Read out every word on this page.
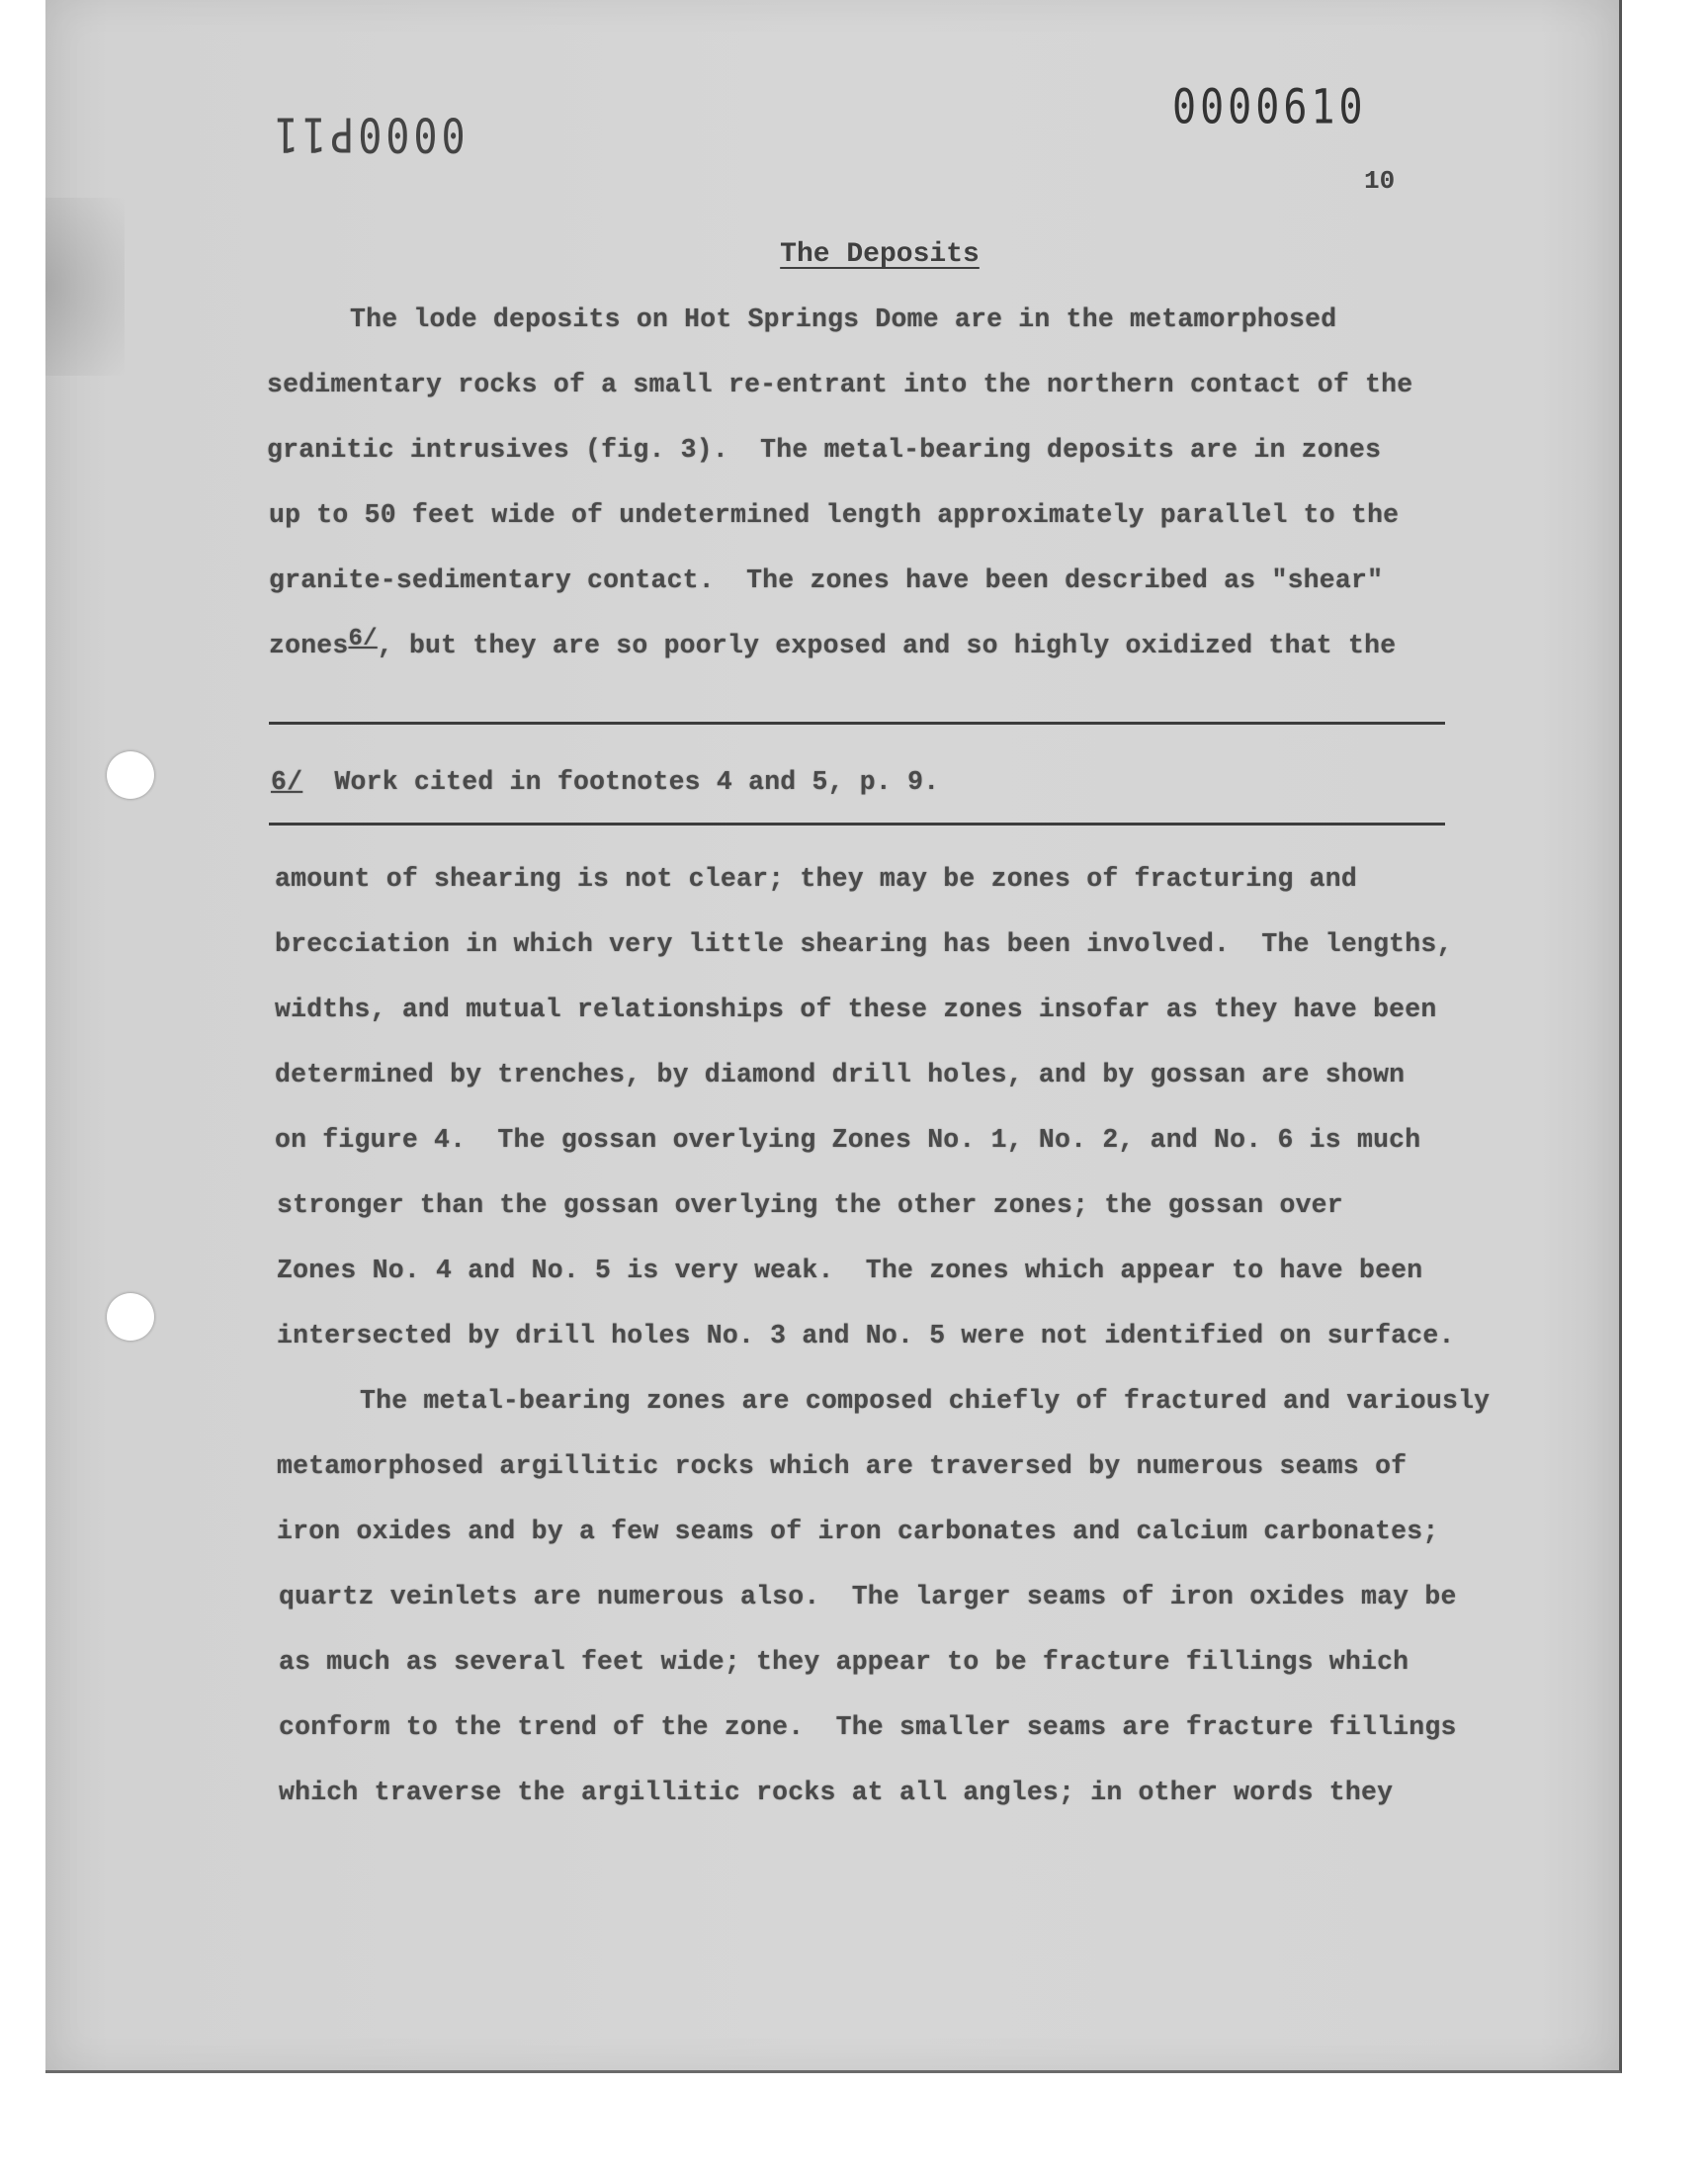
0000P11	0000610
10
The Deposits
The lode deposits on Hot Springs Dome are in the metamorphosed
sedimentary rocks of a small re-entrant into the northern contact of the
granitic intrusives (fig. 3).  The metal-bearing deposits are in zones
up to 50 feet wide of undetermined length approximately parallel to the
granite-sedimentary contact.  The zones have been described as "shear"
zones6/, but they are so poorly exposed and so highly oxidized that the
6/  Work cited in footnotes 4 and 5, p. 9.
amount of shearing is not clear; they may be zones of fracturing and
brecciation in which very little shearing has been involved.  The lengths,
widths, and mutual relationships of these zones insofar as they have been
determined by trenches, by diamond drill holes, and by gossan are shown
on figure 4.  The gossan overlying Zones No. 1, No. 2, and No. 6 is much
stronger than the gossan overlying the other zones; the gossan over
Zones No. 4 and No. 5 is very weak.  The zones which appear to have been
intersected by drill holes No. 3 and No. 5 were not identified on surface.
The metal-bearing zones are composed chiefly of fractured and variously
metamorphosed argillitic rocks which are traversed by numerous seams of
iron oxides and by a few seams of iron carbonates and calcium carbonates;
quartz veinlets are numerous also.  The larger seams of iron oxides may be
as much as several feet wide; they appear to be fracture fillings which
conform to the trend of the zone.  The smaller seams are fracture fillings
which traverse the argillitic rocks at all angles; in other words they
